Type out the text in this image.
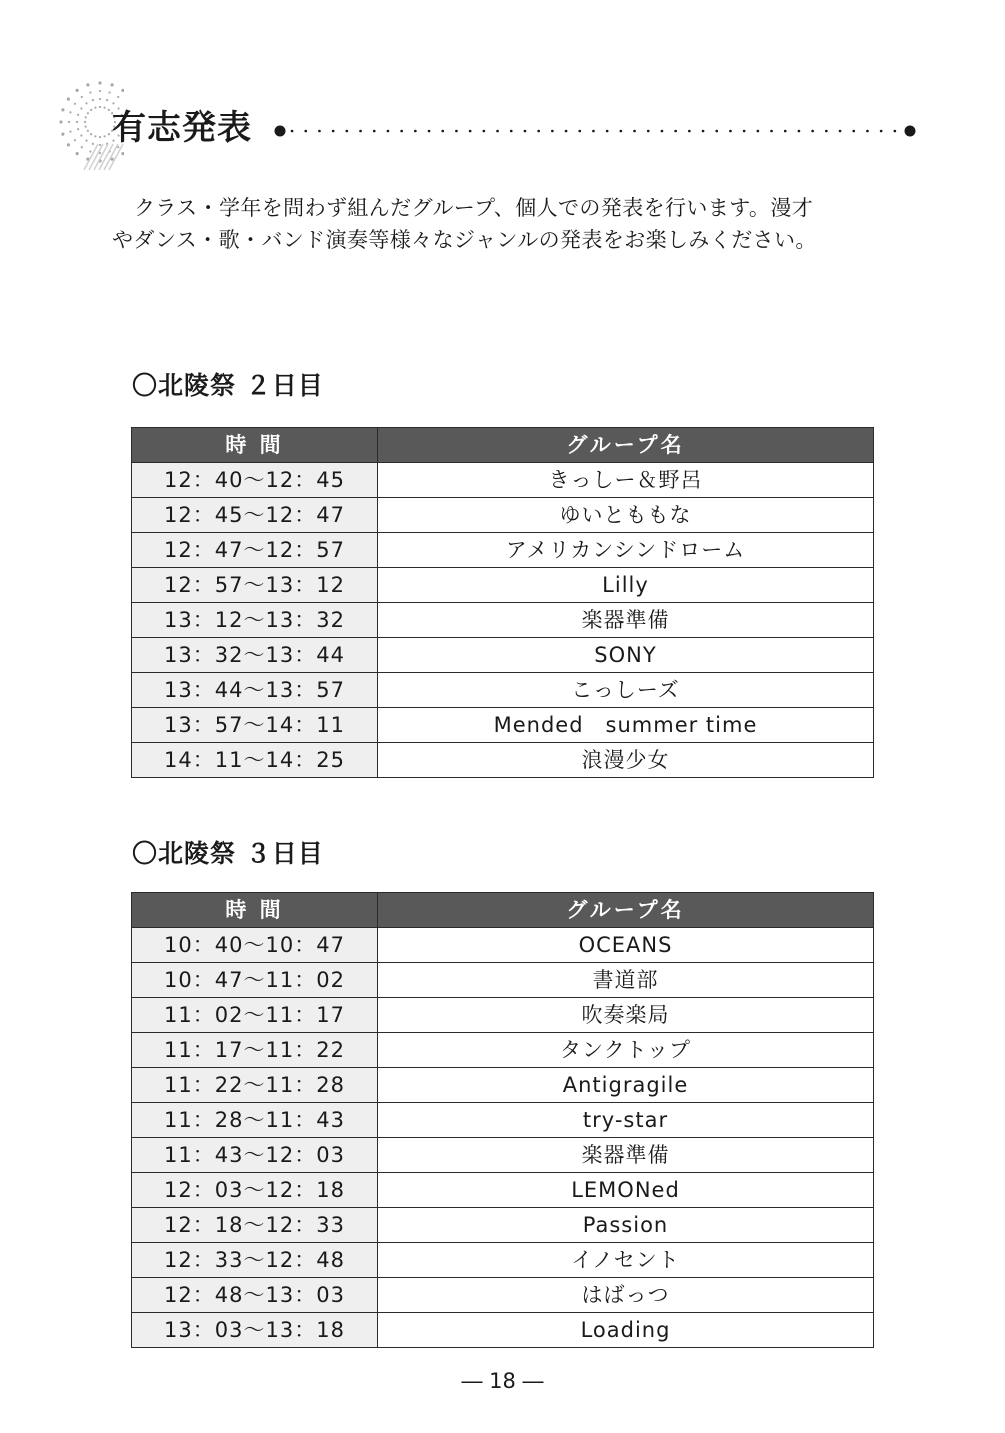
有志発表

クラス・学年を問わず組んだグループ、個人での発表を行います。漫才
やダンス・歌・バンド演奏等様々なジャンルの発表をお楽しみください。

〇北陵祭 ２日目
時 間	グループ名
12：40～12：45	きっしー＆野呂
12：45～12：47	ゆいとももな
12：47～12：57	アメリカンシンドローム
12：57～13：12	Lilly
13：12～13：32	楽器準備
13：32～13：44	SONY
13：44～13：57	こっしーズ
13：57～14：11	Mended　summer time
14：11～14：25	浪漫少女
〇北陵祭 ３日目
時 間	グループ名
10：40～10：47	OCEANS
10：47～11：02	書道部
11：02～11：17	吹奏楽局
11：17～11：22	タンクトップ
11：22～11：28	Antigragile
11：28～11：43	try-star
11：43～12：03	楽器準備
12：03～12：18	LEMONed
12：18～12：33	Passion
12：33～12：48	イノセント
12：48～13：03	はばっつ
13：03～13：18	Loading

― 18 ―
